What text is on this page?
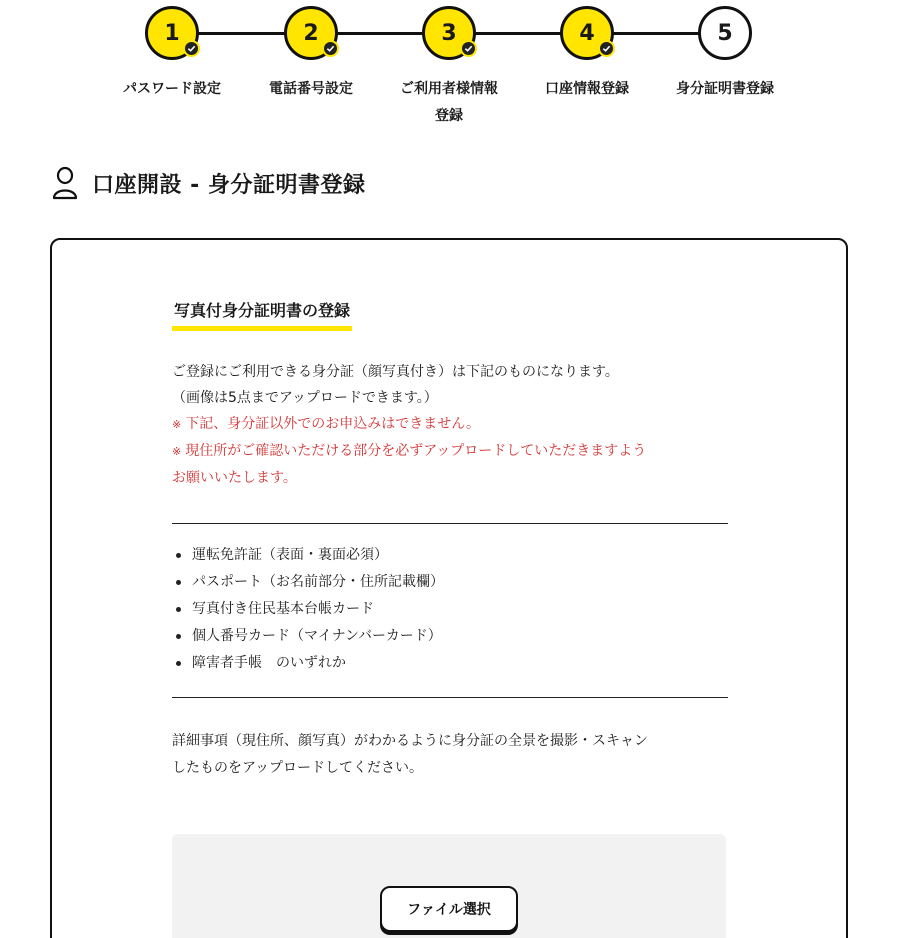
1
パスワード設定
2
電話番号設定
3
ご利用者様情報
登録
4
口座情報登録
5
身分証明書登録
口座開設 - 身分証明書登録
写真付身分証明書の登録
ご登録にご利用できる身分証（顔写真付き）は下記のものになります。
（画像は5点までアップロードできます。）
※ 下記、身分証以外でのお申込みはできません。
※ 現住所がご確認いただける部分を必ずアップロードしていただきますよう
お願いいたします。
運転免許証（表面・裏面必須）
パスポート（お名前部分・住所記載欄）
写真付き住民基本台帳カード
個人番号カード（マイナンバーカード）
障害者手帳　のいずれか
詳細事項（現住所、顔写真）がわかるように身分証の全景を撮影・スキャン
したものをアップロードしてください。
ファイル選択
